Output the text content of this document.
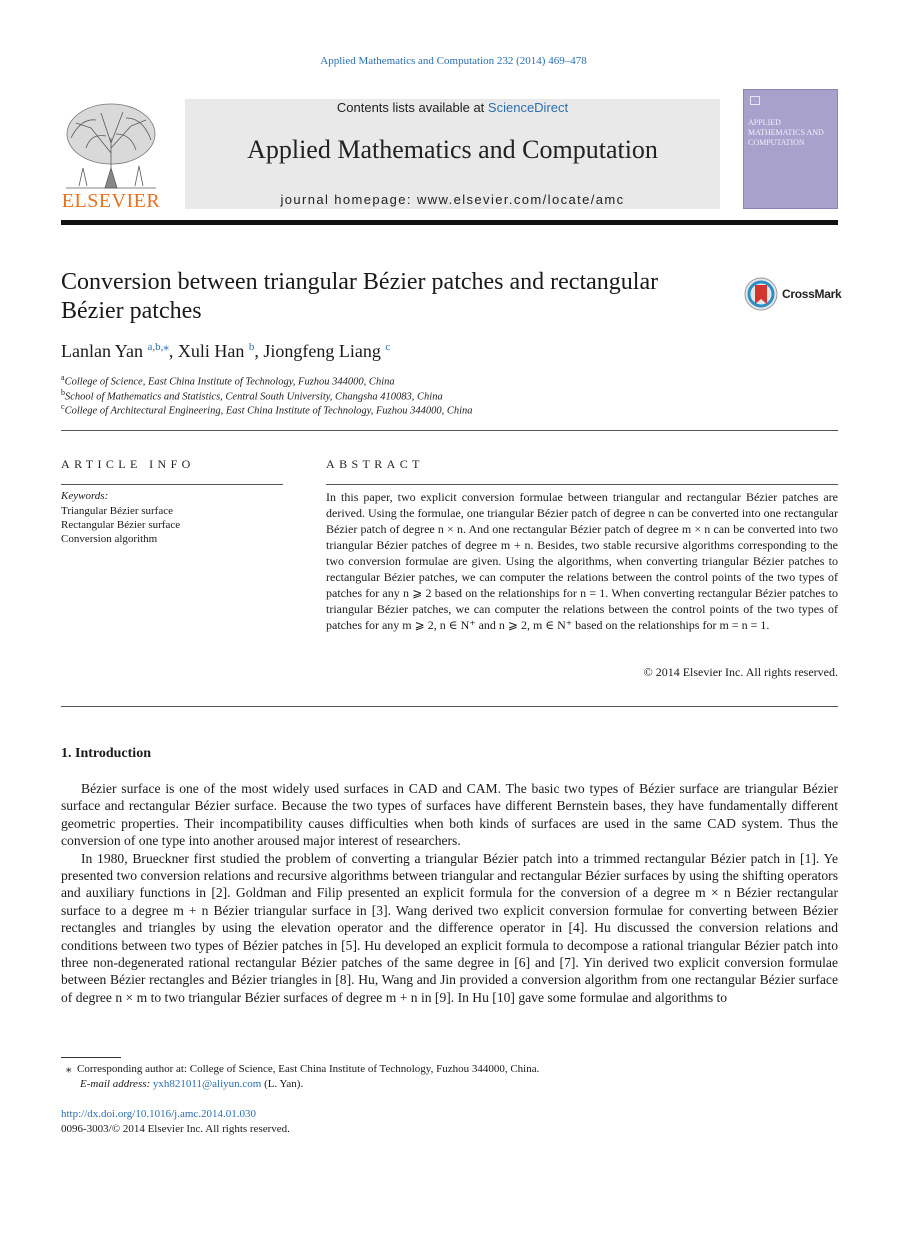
Applied Mathematics and Computation 232 (2014) 469–478
ELSEVIER
Contents lists available at ScienceDirect
Applied Mathematics and Computation
journal homepage: www.elsevier.com/locate/amc
APPLIED MATHEMATICS AND COMPUTATION
Conversion between triangular Bézier patches and rectangular Bézier patches
CrossMark
Lanlan Yan $^{a,b,⁎}$, Xuli Han $^b$, Jiongfeng Liang $^c$
$^a$College of Science, East China Institute of Technology, Fuzhou 344000, China
$^b$School of Mathematics and Statistics, Central South University, Changsha 410083, China
$^c$College of Architectural Engineering, East China Institute of Technology, Fuzhou 344000, China
ARTICLE INFO
Keywords:
Triangular Bézier surface
Rectangular Bézier surface
Conversion algorithm
ABSTRACT
In this paper, two explicit conversion formulae between triangular and rectangular Bézier patches are derived. Using the formulae, one triangular Bézier patch of degree n can be converted into one rectangular Bézier patch of degree n × n. And one rectangular Bézier patch of degree m × n can be converted into two triangular Bézier patches of degree m + n. Besides, two stable recursive algorithms corresponding to the two conversion formulae are given. Using the algorithms, when converting triangular Bézier patches to rectangular Bézier patches, we can computer the relations between the control points of the two types of patches for any n ⩾ 2 based on the relationships for n = 1. When converting rectangular Bézier patches to triangular Bézier patches, we can computer the relations between the control points of the two types of patches for any m ⩾ 2, n ∈ N⁺ and n ⩾ 2, m ∈ N⁺ based on the relationships for m = n = 1.
© 2014 Elsevier Inc. All rights reserved.
1. Introduction

Bézier surface is one of the most widely used surfaces in CAD and CAM. The basic two types of Bézier surface are triangular Bézier surface and rectangular Bézier surface. Because the two types of surfaces have different Bernstein bases, they have fundamentally different geometric properties. Their incompatibility causes difficulties when both kinds of surfaces are used in the same CAD system. Thus the conversion of one type into another aroused major interest of researchers.

In 1980, Brueckner first studied the problem of converting a triangular Bézier patch into a trimmed rectangular Bézier patch in [1]. Ye presented two conversion relations and recursive algorithms between triangular and rectangular Bézier surfaces by using the shifting operators and auxiliary functions in [2]. Goldman and Filip presented an explicit formula for the conversion of a degree m × n Bézier rectangular surface to a degree m + n Bézier triangular surface in [3]. Wang derived two explicit conversion formulae for converting between Bézier rectangles and triangles by using the elevation operator and the difference operator in [4]. Hu discussed the conversion relations and conditions between two types of Bézier patches in [5]. Hu developed an explicit formula to decompose a rational triangular Bézier patch into three non-degenerated rational rectangular Bézier patches of the same degree in [6] and [7]. Yin derived two explicit conversion formulae between Bézier rectangles and Bézier triangles in [8]. Hu, Wang and Jin provided a conversion algorithm from one rectangular Bézier surface of degree n × m to two triangular Bézier surfaces of degree m + n in [9]. In Hu [10] gave some formulae and algorithms to

⁎ Corresponding author at: College of Science, East China Institute of Technology, Fuzhou 344000, China.
E-mail address: yxh821011@aliyun.com (L. Yan).
http://dx.doi.org/10.1016/j.amc.2014.01.030
0096-3003/© 2014 Elsevier Inc. All rights reserved.
